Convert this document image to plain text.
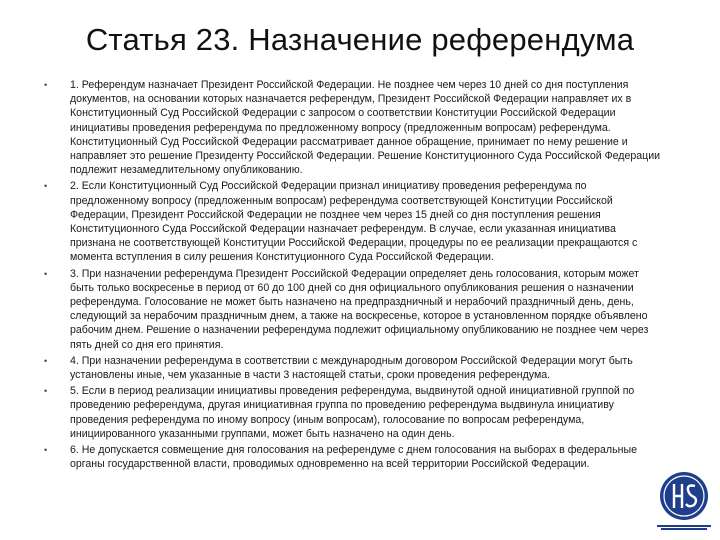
Статья 23. Назначение референдума
• 1. Референдум назначает Президент Российской Федерации. Не позднее чем через 10 дней со дня поступления документов, на основании которых назначается референдум, Президент Российской Федерации направляет их в Конституционный Суд Российской Федерации с запросом о соответствии Конституции Российской Федерации инициативы проведения референдума по предложенному вопросу (предложенным вопросам) референдума. Конституционный Суд Российской Федерации рассматривает данное обращение, принимает по нему решение и направляет это решение Президенту Российской Федерации. Решение Конституционного Суда Российской Федерации подлежит незамедлительному опубликованию.
• 2. Если Конституционный Суд Российской Федерации признал инициативу проведения референдума по предложенному вопросу (предложенным вопросам) референдума соответствующей Конституции Российской Федерации, Президент Российской Федерации не позднее чем через 15 дней со дня поступления решения Конституционного Суда Российской Федерации назначает референдум. В случае, если указанная инициатива признана не соответствующей Конституции Российской Федерации, процедуры по ее реализации прекращаются с момента вступления в силу решения Конституционного Суда Российской Федерации.
• 3. При назначении референдума Президент Российской Федерации определяет день голосования, которым может быть только воскресенье в период от 60 до 100 дней со дня официального опубликования решения о назначении референдума. Голосование не может быть назначено на предпраздничный и нерабочий праздничный день, день, следующий за нерабочим праздничным днем, а также на воскресенье, которое в установленном порядке объявлено рабочим днем. Решение о назначении референдума подлежит официальному опубликованию не позднее чем через пять дней со дня его принятия.
• 4. При назначении референдума в соответствии с международным договором Российской Федерации могут быть установлены иные, чем указанные в части 3 настоящей статьи, сроки проведения референдума.
• 5. Если в период реализации инициативы проведения референдума, выдвинутой одной инициативной группой по проведению референдума, другая инициативная группа по проведению референдума выдвинула инициативу проведения референдума по иному вопросу (иным вопросам), голосование по вопросам референдума, инициированного указанными группами, может быть назначено на один день.
• 6. Не допускается совмещение дня голосования на референдуме с днем голосования на выборах в федеральные органы государственной власти, проводимых одновременно на всей территории Российской Федерации.
